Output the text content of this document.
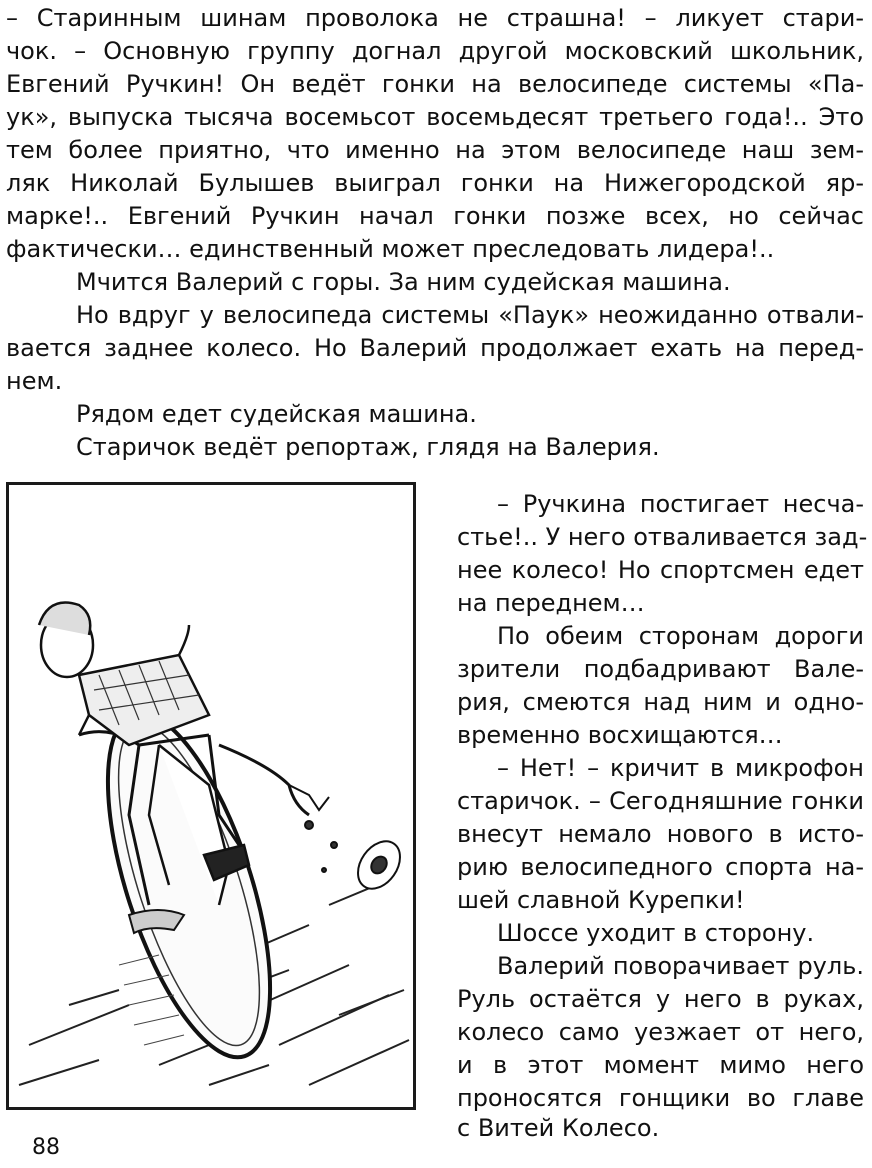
– Старинным шинам проволока не страшна! – ликует стари-
чок. – Основную группу догнал другой московский школьник,
Евгений Ручкин! Он ведёт гонки на велосипеде системы «Па-
ук», выпуска тысяча восемьсот восемьдесят третьего года!.. Это
тем более приятно, что именно на этом велосипеде наш зем-
ляк Николай Булышев выиграл гонки на Нижегородской яр-
марке!.. Евгений Ручкин начал гонки позже всех, но сейчас
фактически… единственный может преследовать лидера!..
Мчится Валерий с горы. За ним судейская машина.
Но вдруг у велосипеда системы «Паук» неожиданно отвали-
вается заднее колесо. Но Валерий продолжает ехать на перед-
нем.
Рядом едет судейская машина.
Старичок ведёт репортаж, глядя на Валерия.
– Ручкина постигает несча-
стье!.. У него отваливается зад-
нее колесо! Но спортсмен едет
на переднем…
По обеим сторонам дороги
зрители подбадривают Вале-
рия, смеются над ним и одно-
временно восхищаются…
– Нет! – кричит в микрофон
старичок. – Сегодняшние гонки
внесут немало нового в исто-
рию велосипедного спорта на-
шей славной Курепки!
Шоссе уходит в сторону.
Валерий поворачивает руль.
Руль остаётся у него в руках,
колесо само уезжает от него,
и в этот момент мимо него
проносятся гонщики во главе
88
с Витей Колесо.
